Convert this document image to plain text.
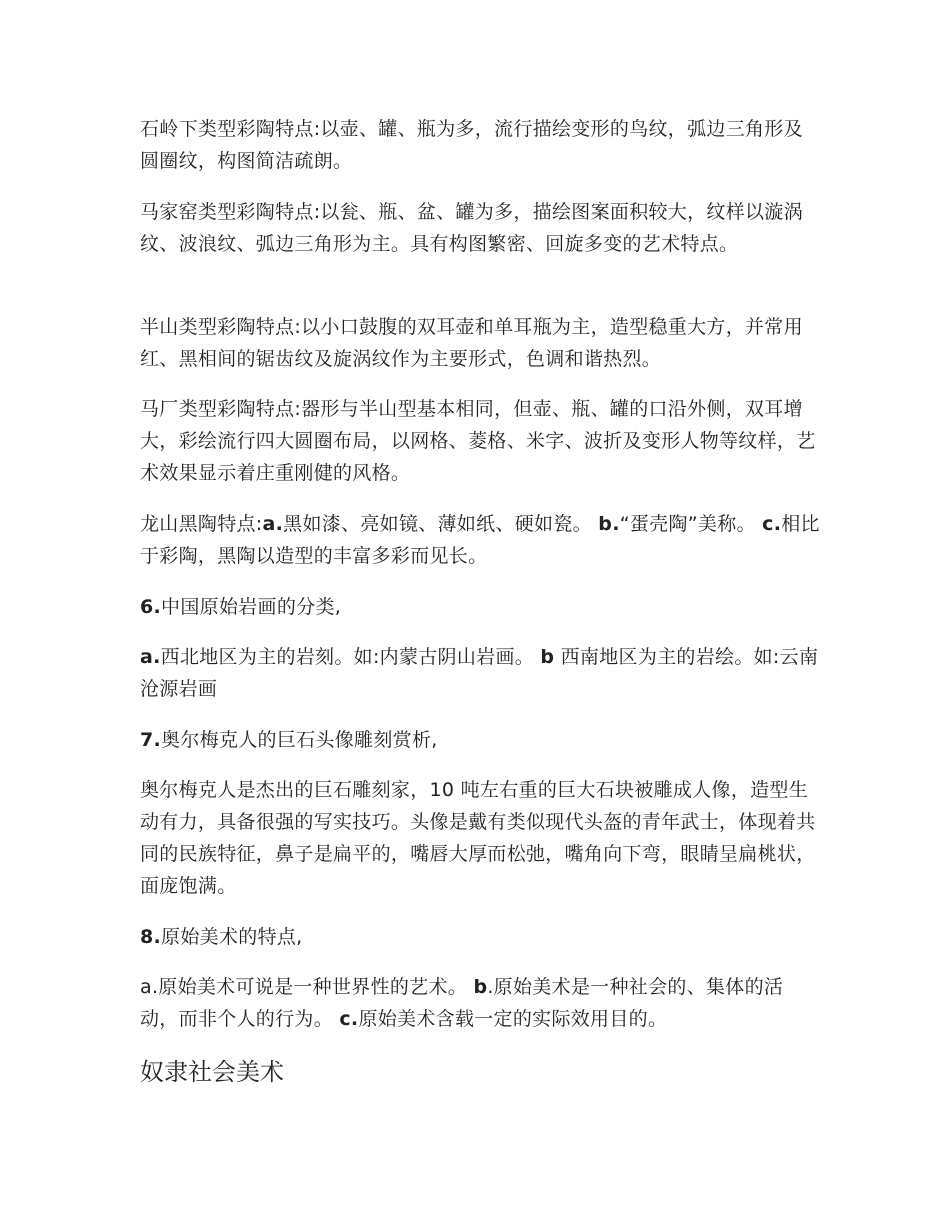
石岭下类型彩陶特点:以壶、罐、瓶为多，流行描绘变形的鸟纹，弧边三角形及圆圈纹，构图简洁疏朗。

马家窑类型彩陶特点:以瓮、瓶、盆、罐为多，描绘图案面积较大，纹样以漩涡纹、波浪纹、弧边三角形为主。具有构图繁密、回旋多变的艺术特点。

半山类型彩陶特点:以小口鼓腹的双耳壶和单耳瓶为主，造型稳重大方，并常用红、黑相间的锯齿纹及旋涡纹作为主要形式，色调和谐热烈。

马厂类型彩陶特点:器形与半山型基本相同，但壶、瓶、罐的口沿外侧，双耳增大，彩绘流行四大圆圈布局，以网格、菱格、米字、波折及变形人物等纹样，艺术效果显示着庄重刚健的风格。

龙山黑陶特点:a.黑如漆、亮如镜、薄如纸、硬如瓷。 b.“蛋壳陶”美称。 c.相比于彩陶，黑陶以造型的丰富多彩而见长。

6.中国原始岩画的分类,

a.西北地区为主的岩刻。如:内蒙古阴山岩画。 b 西南地区为主的岩绘。如:云南沧源岩画

7.奥尔梅克人的巨石头像雕刻赏析,

奥尔梅克人是杰出的巨石雕刻家，10 吨左右重的巨大石块被雕成人像，造型生动有力，具备很强的写实技巧。头像是戴有类似现代头盔的青年武士，体现着共同的民族特征，鼻子是扁平的，嘴唇大厚而松弛，嘴角向下弯，眼睛呈扁桃状，面庞饱满。

8.原始美术的特点,

a.原始美术可说是一种世界性的艺术。 b.原始美术是一种社会的、集体的活动，而非个人的行为。 c.原始美术含载一定的实际效用目的。

奴隶社会美术
